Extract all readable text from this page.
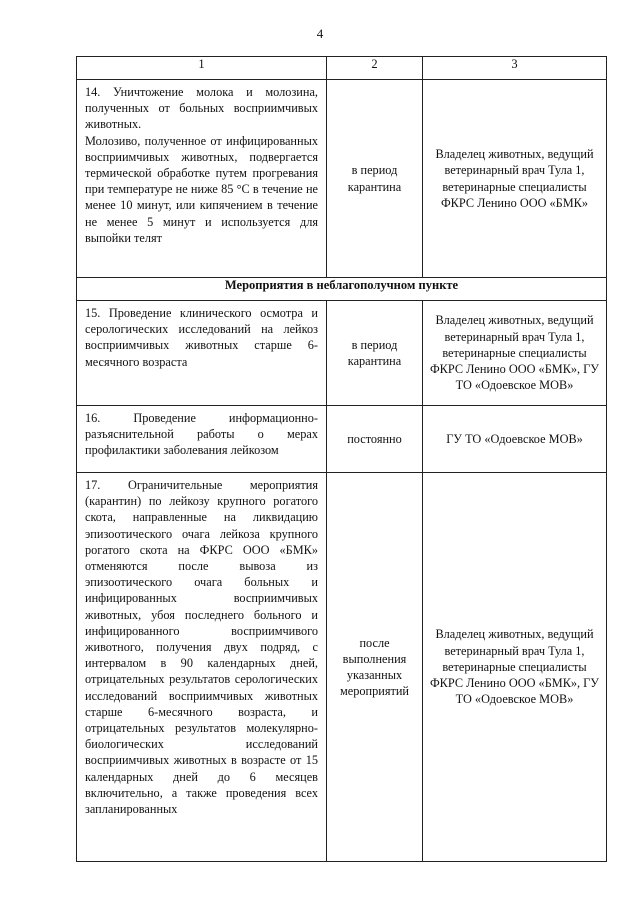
4
1	2	3

14. Уничтожение молока и молозина, полученных от больных восприимчивых животных.

Молозиво, полученное от инфицированных восприимчивых животных, подвергается термической обработке путем прогревания при температуре не ниже 85 °С в течение не менее 10 минут, или кипячением в течение не менее 5 минут и используется для выпойки телят	в период карантина	Владелец животных, ведущий ветеринарный врач Тула 1, ветеринарные специалисты ФКРС Ленино ООО «БМК»
Мероприятия в неблагополучном пункте		
15. Проведение клинического осмотра и серологических исследований на лейкоз восприимчивых животных старше 6-месячного возраста	в период карантина	Владелец животных, ведущий ветеринарный врач Тула 1, ветеринарные специалисты ФКРС Ленино ООО «БМК», ГУ ТО «Одоевское МОВ»
16. Проведение информационно-разъяснительной работы о мерах профилактики заболевания лейкозом	постоянно	ГУ ТО «Одоевское МОВ»
17. Ограничительные мероприятия (карантин) по лейкозу крупного рогатого скота, направленные на ликвидацию эпизоотического очага лейкоза крупного рогатого скота на ФКРС ООО «БМК» отменяются после вывоза из эпизоотического очага больных и инфицированных восприимчивых животных, убоя последнего больного и инфицированного восприимчивого животного, получения двух подряд, с интервалом в 90 календарных дней, отрицательных результатов серологических исследований восприимчивых животных старше 6-месячного возраста, и отрицательных результатов молекулярно-биологических исследований восприимчивых животных в возрасте от 15 календарных дней до 6 месяцев включительно, а также проведения всех запланированных	после выполнения указанных мероприятий	Владелец животных, ведущий ветеринарный врач Тула 1, ветеринарные специалисты ФКРС Ленино ООО «БМК», ГУ ТО «Одоевское МОВ»
